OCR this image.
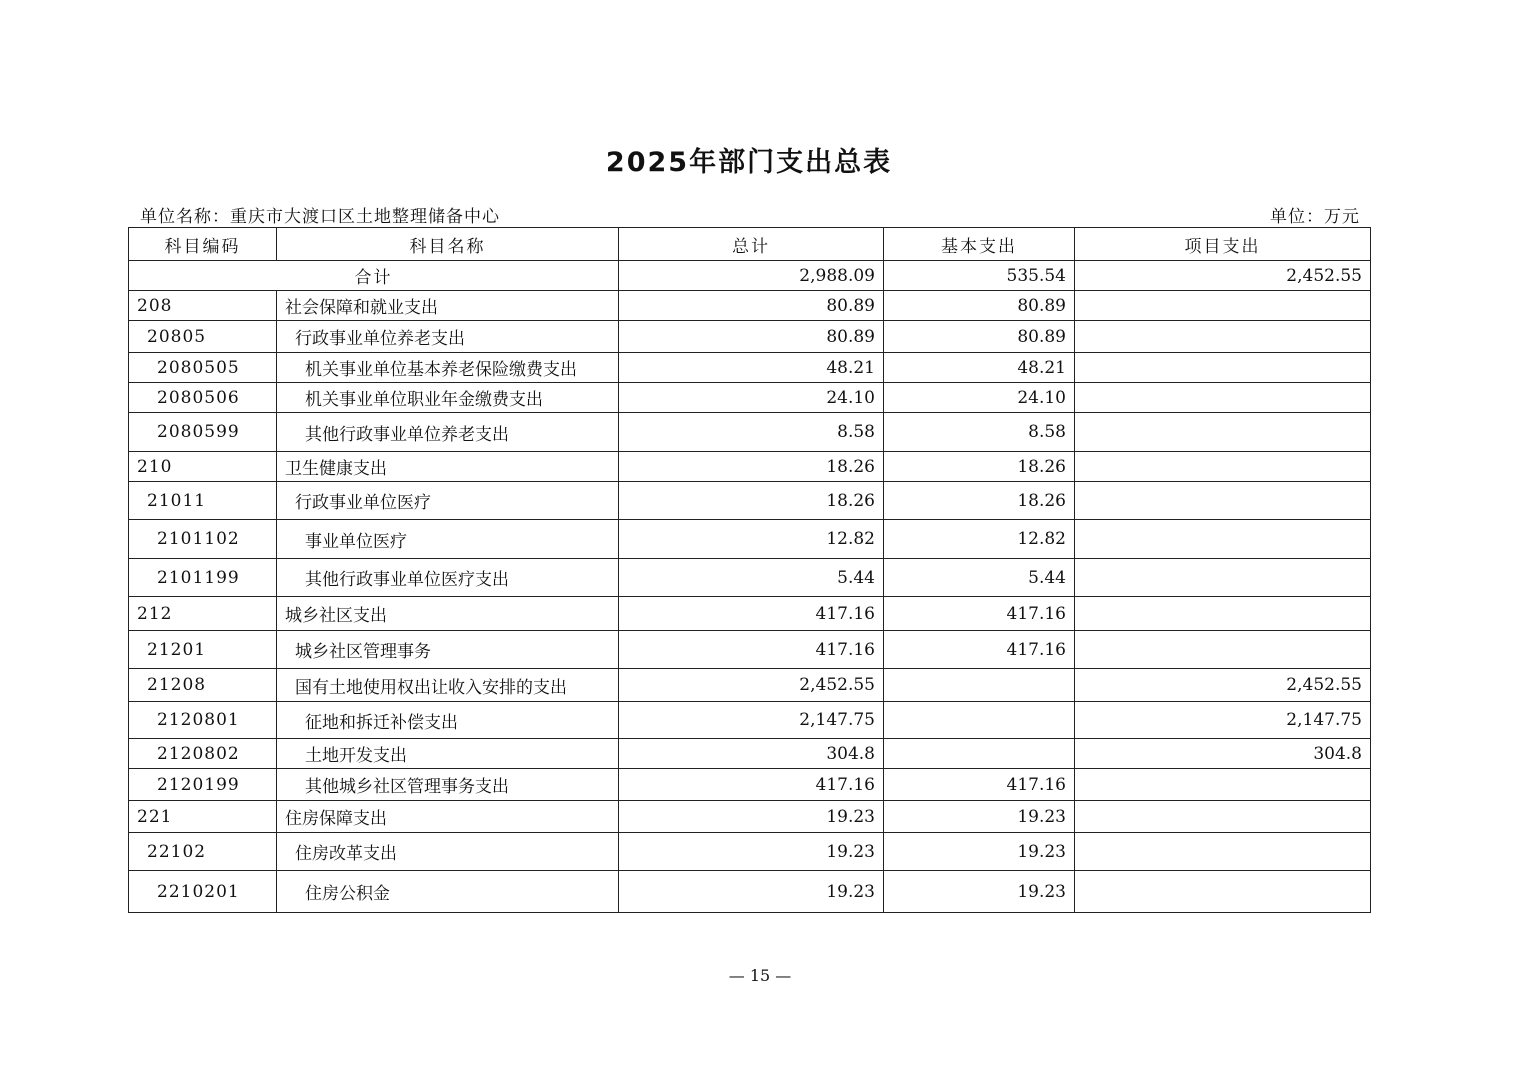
2025年部门支出总表
单位名称：重庆市大渡口区土地整理储备中心	单位：万元
科目编码	科目名称	总计	基本支出	项目支出
合计		2,988.09	535.54	2,452.55
208	社会保障和就业支出	80.89	80.89	
20805	行政事业单位养老支出	80.89	80.89	
2080505	机关事业单位基本养老保险缴费支出	48.21	48.21	
2080506	机关事业单位职业年金缴费支出	24.10	24.10	
2080599	其他行政事业单位养老支出	8.58	8.58	
210	卫生健康支出	18.26	18.26	
21011	行政事业单位医疗	18.26	18.26	
2101102	事业单位医疗	12.82	12.82	
2101199	其他行政事业单位医疗支出	5.44	5.44	
212	城乡社区支出	417.16	417.16	
21201	城乡社区管理事务	417.16	417.16	
21208	国有土地使用权出让收入安排的支出	2,452.55		2,452.55
2120801	征地和拆迁补偿支出	2,147.75		2,147.75
2120802	土地开发支出	304.8		304.8
2120199	其他城乡社区管理事务支出	417.16	417.16	
221	住房保障支出	19.23	19.23	
22102	住房改革支出	19.23	19.23	
2210201	住房公积金	19.23	19.23	
— 15 —
